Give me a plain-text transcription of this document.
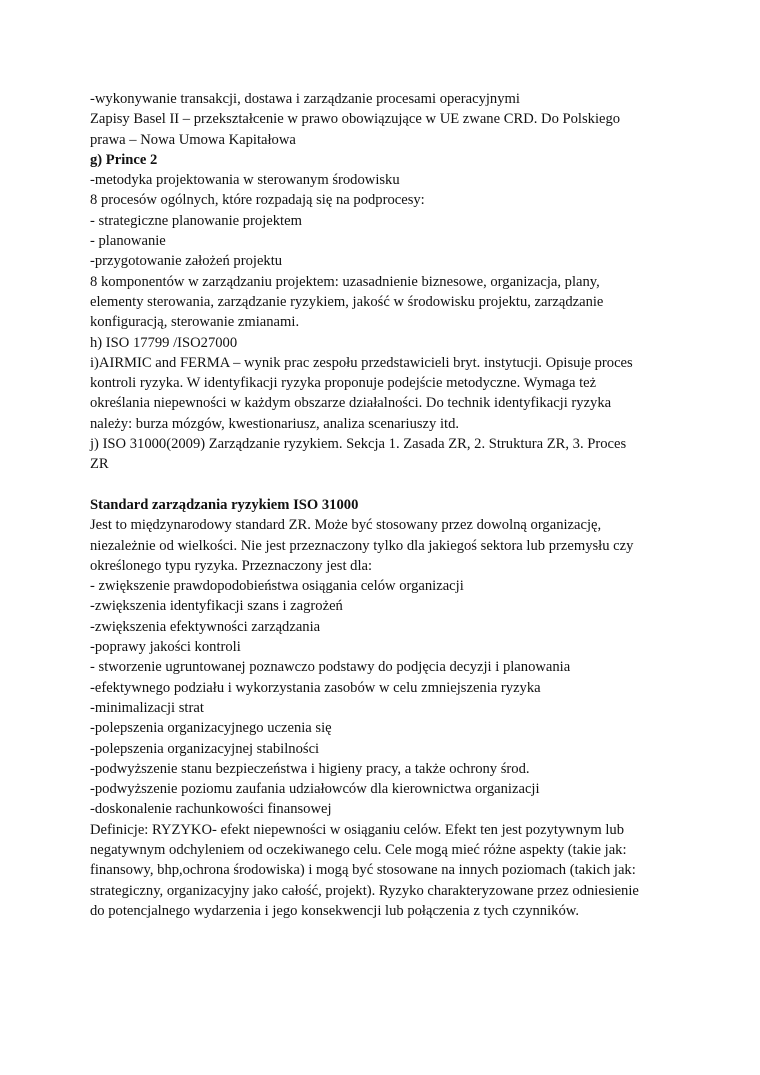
-wykonywanie transakcji, dostawa i zarządzanie procesami operacyjnymi

Zapisy Basel II – przekształcenie w prawo obowiązujące w UE zwane CRD. Do Polskiego

prawa – Nowa Umowa Kapitałowa

g) Prince 2

-metodyka projektowania w sterowanym środowisku

8 procesów ogólnych, które rozpadają się na podprocesy:

- strategiczne planowanie projektem

- planowanie

-przygotowanie założeń projektu

8 komponentów w zarządzaniu projektem: uzasadnienie biznesowe, organizacja, plany,

elementy sterowania, zarządzanie ryzykiem, jakość w środowisku projektu, zarządzanie

konfiguracją, sterowanie zmianami.

h) ISO 17799 /ISO27000

i)AIRMIC and FERMA – wynik prac zespołu przedstawicieli bryt. instytucji. Opisuje proces

kontroli ryzyka. W identyfikacji ryzyka proponuje podejście metodyczne. Wymaga też

określania niepewności w każdym obszarze działalności. Do technik identyfikacji ryzyka

należy: burza mózgów, kwestionariusz, analiza scenariuszy itd.

j) ISO 31000(2009) Zarządzanie ryzykiem. Sekcja 1. Zasada ZR, 2. Struktura ZR, 3. Proces

ZR

Standard zarządzania ryzykiem ISO 31000

Jest to międzynarodowy standard ZR. Może być stosowany przez dowolną organizację,

niezależnie od wielkości. Nie jest przeznaczony tylko dla jakiegoś sektora lub przemysłu czy

określonego typu ryzyka. Przeznaczony jest dla:

- zwiększenie prawdopodobieństwa osiągania celów organizacji

-zwiększenia identyfikacji szans i zagrożeń

-zwiększenia efektywności zarządzania

-poprawy jakości kontroli

- stworzenie ugruntowanej poznawczo podstawy do podjęcia decyzji i planowania

-efektywnego podziału i wykorzystania zasobów w celu zmniejszenia ryzyka

-minimalizacji strat

-polepszenia organizacyjnego uczenia się

-polepszenia organizacyjnej stabilności

-podwyższenie stanu bezpieczeństwa i higieny pracy, a także ochrony środ.

-podwyższenie poziomu zaufania udziałowców dla kierownictwa organizacji

-doskonalenie rachunkowości finansowej

Definicje: RYZYKO- efekt niepewności w osiąganiu celów. Efekt ten jest pozytywnym lub

negatywnym odchyleniem od oczekiwanego celu. Cele mogą mieć różne aspekty (takie jak:

finansowy, bhp,ochrona środowiska) i mogą być stosowane na innych poziomach (takich jak:

strategiczny, organizacyjny jako całość, projekt). Ryzyko charakteryzowane przez odniesienie

do potencjalnego wydarzenia i jego konsekwencji lub połączenia z tych czynników.
